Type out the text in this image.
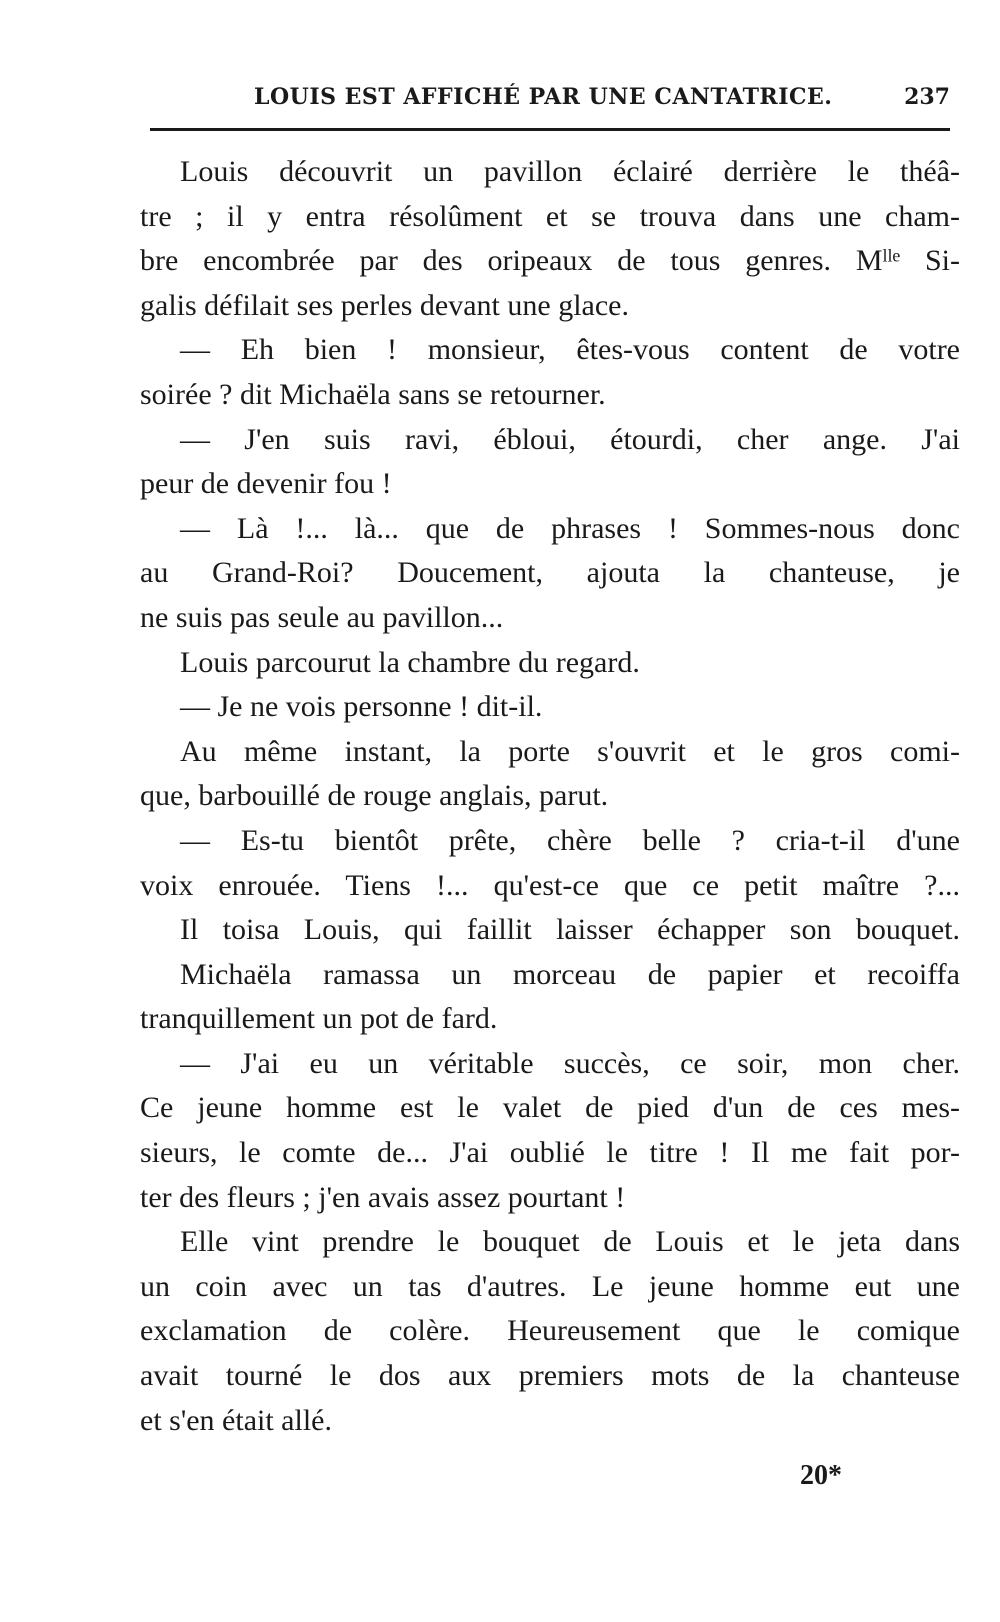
LOUIS EST AFFICHÉ PAR UNE CANTATRICE.	237
Louis découvrit un pavillon éclairé derrière le théâ-
tre ; il y entra résolûment et se trouva dans une cham-
bre encombrée par des oripeaux de tous genres. Mˡˡᵉ Si-
galis défilait ses perles devant une glace.
— Eh bien ! monsieur, êtes-vous content de votre
soirée ? dit Michaëla sans se retourner.
— J'en suis ravi, ébloui, étourdi, cher ange. J'ai
peur de devenir fou !
— Là !... là... que de phrases ! Sommes-nous donc
au Grand-Roi? Doucement, ajouta la chanteuse, je
ne suis pas seule au pavillon...
Louis parcourut la chambre du regard.
— Je ne vois personne ! dit-il.
Au même instant, la porte s'ouvrit et le gros comi-
que, barbouillé de rouge anglais, parut.
— Es-tu bientôt prête, chère belle ? cria-t-il d'une
voix enrouée. Tiens !... qu'est-ce que ce petit maître ?...
Il toisa Louis, qui faillit laisser échapper son bouquet.
Michaëla ramassa un morceau de papier et recoiffa
tranquillement un pot de fard.
— J'ai eu un véritable succès, ce soir, mon cher.
Ce jeune homme est le valet de pied d'un de ces mes-
sieurs, le comte de... J'ai oublié le titre ! Il me fait por-
ter des fleurs ; j'en avais assez pourtant !
Elle vint prendre le bouquet de Louis et le jeta dans
un coin avec un tas d'autres. Le jeune homme eut une
exclamation de colère. Heureusement que le comique
avait tourné le dos aux premiers mots de la chanteuse
et s'en était allé.
20*
